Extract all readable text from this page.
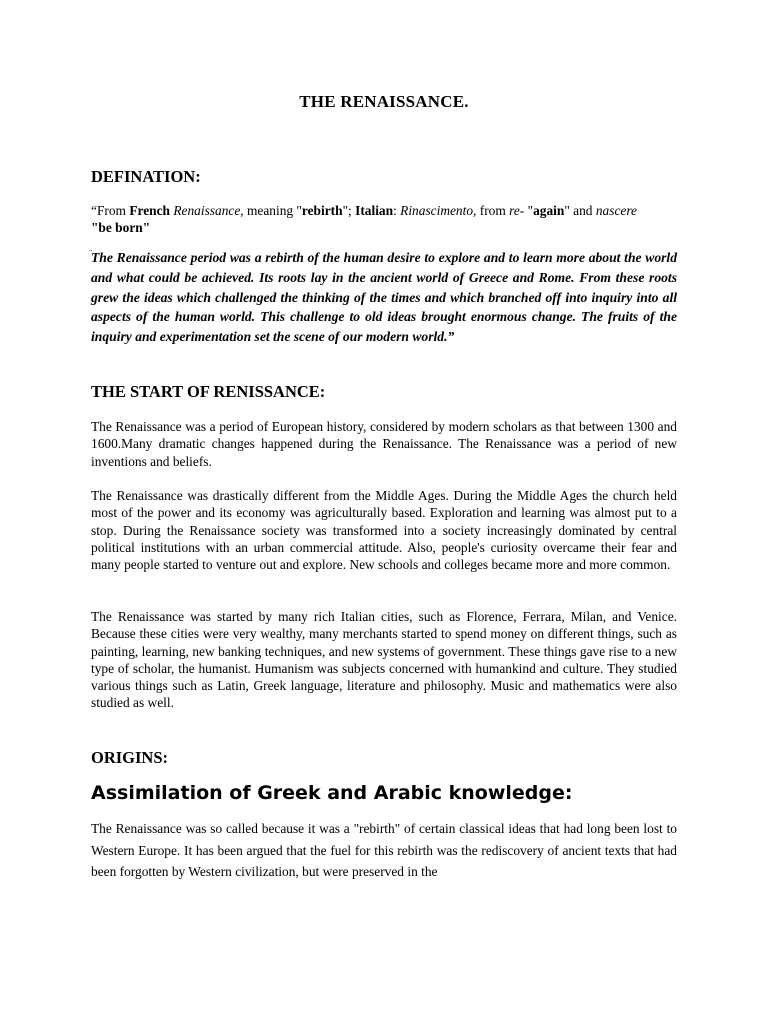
THE RENAISSANCE.
DEFINATION:
“From French Renaissance, meaning "rebirth"; Italian: Rinascimento, from re- "again" and nascere
"be born"
¨ The Renaissance period was a rebirth of the human desire to explore and to learn more about the world and what could be achieved. Its roots lay in the ancient world of Greece and Rome. From these roots grew the ideas which challenged the thinking of the times and which branched off into inquiry into all aspects of the human world. This challenge to old ideas brought enormous change. The fruits of the inquiry and experimentation set the scene of our modern world.”
THE START OF RENISSANCE:
The Renaissance was a period of European history, considered by modern scholars as that between 1300 and 1600.Many dramatic changes happened during the Renaissance. The Renaissance was a period of new inventions and beliefs.
The Renaissance was drastically different from the Middle Ages. During the Middle Ages the church held most of the power and its economy was agriculturally based. Exploration and learning was almost put to a stop. During the Renaissance society was transformed into a society increasingly dominated by central political institutions with an urban commercial attitude. Also, people's curiosity overcame their fear and many people started to venture out and explore. New schools and colleges became more and more common.
The Renaissance was started by many rich Italian cities, such as Florence, Ferrara, Milan, and Venice. Because these cities were very wealthy, many merchants started to spend money on different things, such as painting, learning, new banking techniques, and new systems of government. These things gave rise to a new type of scholar, the humanist. Humanism was subjects concerned with humankind and culture. They studied various things such as Latin, Greek language, literature and philosophy. Music and mathematics were also studied as well.
ORIGINS:
Assimilation of Greek and Arabic knowledge:
The Renaissance was so called because it was a "rebirth" of certain classical ideas that had long been lost to Western Europe. It has been argued that the fuel for this rebirth was the rediscovery of ancient texts that had been forgotten by Western civilization, but were preserved in the
